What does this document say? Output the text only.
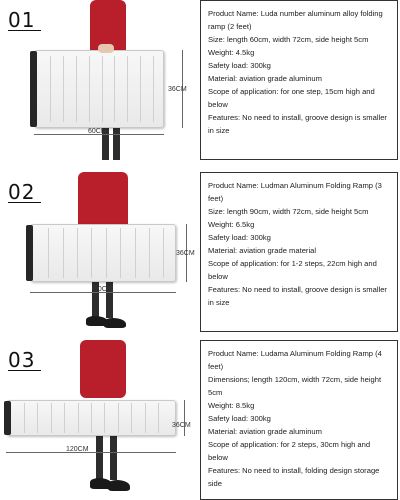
01
60CM
36CM

Product Name: Luda number aluminum alloy folding ramp (2 feet)

Size: length 60cm, width 72cm, side height 5cm

Weight: 4.5kg

Safety load: 300kg

Material: aviation grade aluminum

Scope of application: for one step, 15cm high and below

Features: No need to install, groove design is smaller in size

02
90CM
36CM

Product Name: Ludman Aluminum Folding Ramp (3 feet)

Size: length 90cm, width 72cm, side height 5cm

Weight: 6.5kg

Safety load: 300kg

Material: aviation grade material

Scope of application: for 1-2 steps, 22cm high and below

Features: No need to install, groove design is smaller in size

03
120CM
36CM

Product Name: Ludama Aluminum Folding Ramp (4 feet)

Dimensions; length 120cm, width 72cm, side height 5cm

Weight: 8.5kg

Safety load: 300kg

Material: aviation grade aluminum

Scope of application: for 2 steps, 30cm high and below

Features: No need to install, folding design storage side
